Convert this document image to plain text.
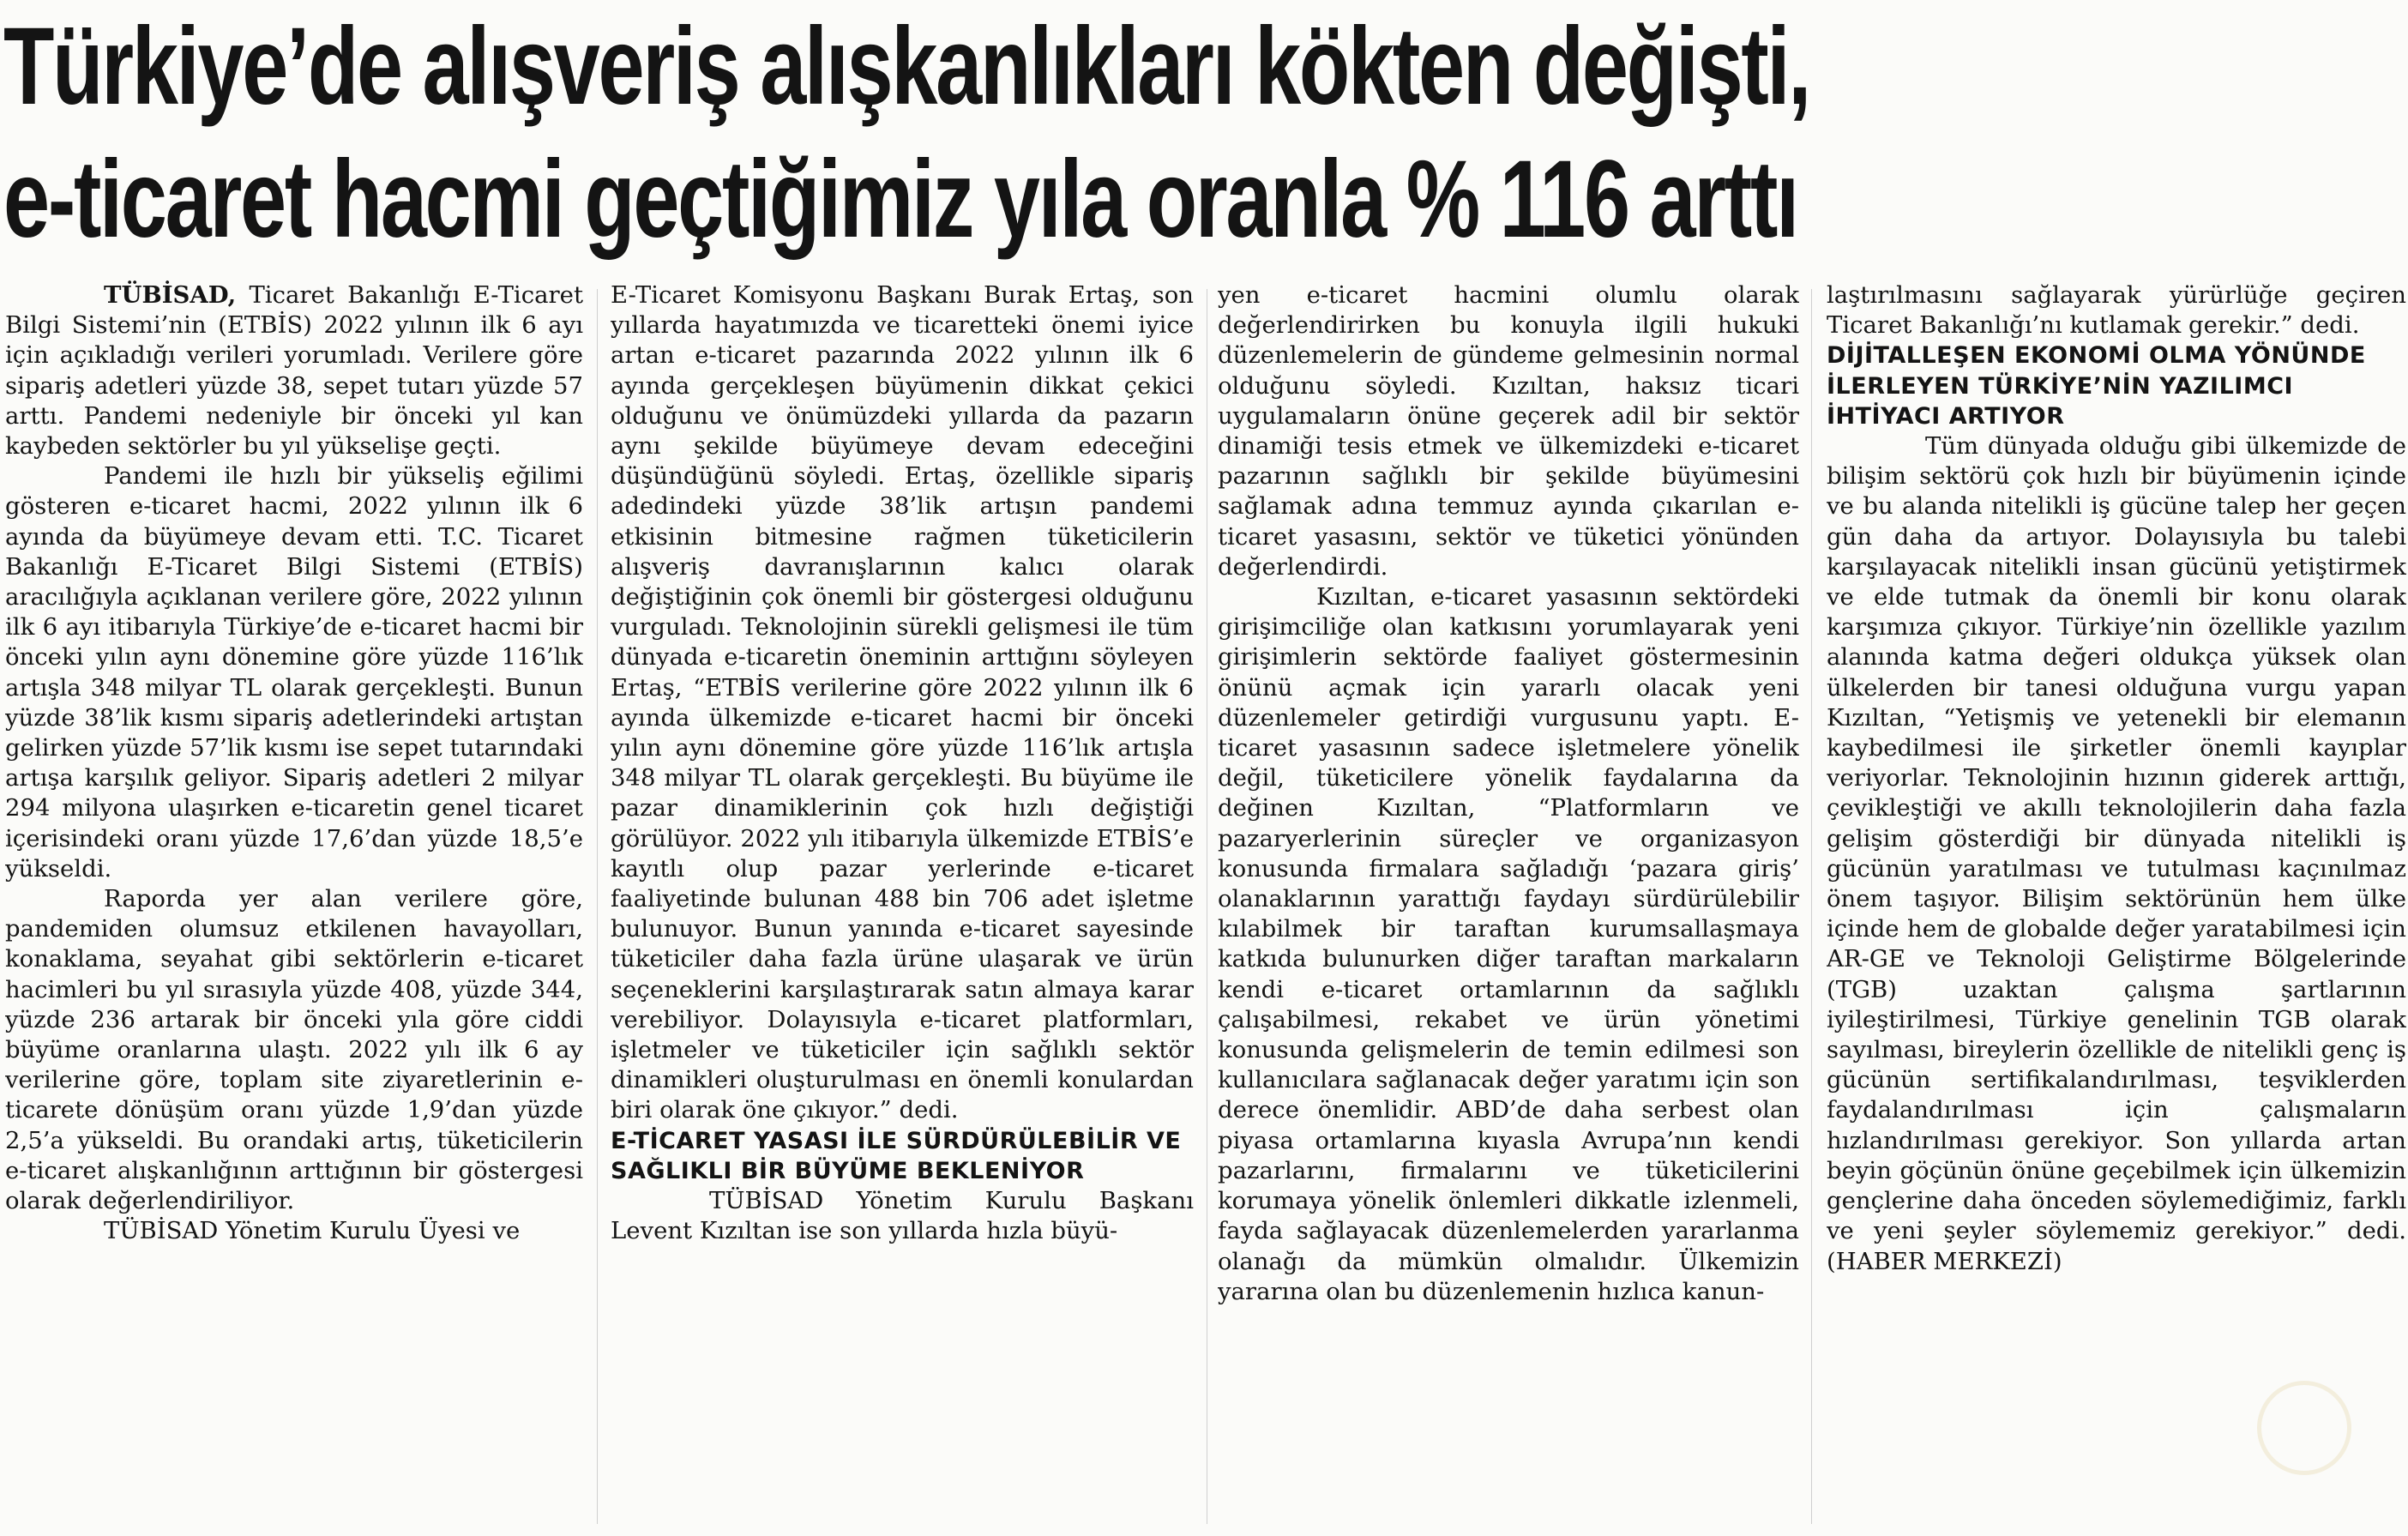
Türkiye’de alışveriş alışkanlıkları kökten değişti,
e-ticaret hacmi geçtiğimiz yıla oranla % 116 arttı

TÜBİSAD, Ticaret Bakanlığı E-Ticaret Bilgi Sistemi’nin (ETBİS) 2022 yılının ilk 6 ayı için açıkladığı verileri yorumladı. Verilere göre sipariş adetleri yüzde 38, sepet tutarı yüzde 57 arttı. Pandemi nedeniyle bir önceki yıl kan kaybeden sektörler bu yıl yükselişe geçti.

Pandemi ile hızlı bir yükseliş eğilimi gösteren e-ticaret hacmi, 2022 yılının ilk 6 ayında da büyümeye devam etti. T.C. Ticaret Bakanlığı E-Ticaret Bilgi Sistemi (ETBİS) aracılığıyla açıklanan verilere göre, 2022 yılının ilk 6 ayı itibarıyla Türkiye’de e-ticaret hacmi bir önceki yılın aynı dönemine göre yüzde 116’lık artışla 348 milyar TL olarak gerçekleşti. Bunun yüzde 38’lik kısmı sipariş adetlerindeki artıştan gelirken yüzde 57’lik kısmı ise sepet tutarındaki artışa karşılık geliyor. Sipariş adetleri 2 milyar 294 milyona ulaşırken e-ticaretin genel ticaret içerisindeki oranı yüzde 17,6’dan yüzde 18,5’e yükseldi.

Raporda yer alan verilere göre, pandemiden olumsuz etkilenen havayolları, konaklama, seyahat gibi sektörlerin e-ticaret hacimleri bu yıl sırasıyla yüzde 408, yüzde 344, yüzde 236 artarak bir önceki yıla göre ciddi büyüme oranlarına ulaştı. 2022 yılı ilk 6 ay verilerine göre, toplam site ziyaretlerinin e-ticarete dönüşüm oranı yüzde 1,9’dan yüzde 2,5’a yükseldi. Bu orandaki artış, tüketicilerin e-ticaret alışkanlığının arttığının bir göstergesi olarak değerlendiriliyor.

TÜBİSAD Yönetim Kurulu Üyesi ve

E-Ticaret Komisyonu Başkanı Burak Ertaş, son yıllarda hayatımızda ve ticaretteki önemi iyice artan e-ticaret pazarında 2022 yılının ilk 6 ayında gerçekleşen büyümenin dikkat çekici olduğunu ve önümüzdeki yıllarda da pazarın aynı şekilde büyümeye devam edeceğini düşündüğünü söyledi. Ertaş, özellikle sipariş adedindeki yüzde 38’lik artışın pandemi etkisinin bitmesine rağmen tüketicilerin alışveriş davranışlarının kalıcı olarak değiştiğinin çok önemli bir göstergesi olduğunu vurguladı. Teknolojinin sürekli gelişmesi ile tüm dünyada e-ticaretin öneminin arttığını söyleyen Ertaş, “ETBİS verilerine göre 2022 yılının ilk 6 ayında ülkemizde e-ticaret hacmi bir önceki yılın aynı dönemine göre yüzde 116’lık artışla 348 milyar TL olarak gerçekleşti. Bu büyüme ile pazar dinamiklerinin çok hızlı değiştiği görülüyor. 2022 yılı itibarıyla ülkemizde ETBİS’e kayıtlı olup pazar yerlerinde e-ticaret faaliyetinde bulunan 488 bin 706 adet işletme bulunuyor. Bunun yanında e-ticaret sayesinde tüketiciler daha fazla ürüne ulaşarak ve ürün seçeneklerini karşılaştırarak satın almaya karar verebiliyor. Dolayısıyla e-ticaret platformları, işletmeler ve tüketiciler için sağlıklı sektör dinamikleri oluşturulması en önemli konulardan biri olarak öne çıkıyor.” dedi.

E-TİCARET YASASI İLE SÜRDÜRÜLEBİLİR VE SAĞLIKLI BİR BÜYÜME BEKLENİYOR

TÜBİSAD Yönetim Kurulu Başkanı Levent Kızıltan ise son yıllarda hızla büyü-

yen e-ticaret hacmini olumlu olarak değerlendirirken bu konuyla ilgili hukuki düzenlemelerin de gündeme gelmesinin normal olduğunu söyledi. Kızıltan, haksız ticari uygulamaların önüne geçerek adil bir sektör dinamiği tesis etmek ve ülkemizdeki e-ticaret pazarının sağlıklı bir şekilde büyümesini sağlamak adına temmuz ayında çıkarılan e-ticaret yasasını, sektör ve tüketici yönünden değerlendirdi.

Kızıltan, e-ticaret yasasının sektördeki girişimciliğe olan katkısını yorumlayarak yeni girişimlerin sektörde faaliyet göstermesinin önünü açmak için yararlı olacak yeni düzenlemeler getirdiği vurgusunu yaptı. E-ticaret yasasının sadece işletmelere yönelik değil, tüketicilere yönelik faydalarına da değinen Kızıltan, “Platformların ve pazaryerlerinin süreçler ve organizasyon konusunda firmalara sağladığı ‘pazara giriş’ olanaklarının yarattığı faydayı sürdürülebilir kılabilmek bir taraftan kurumsallaşmaya katkıda bulunurken diğer taraftan markaların kendi e-ticaret ortamlarının da sağlıklı çalışabilmesi, rekabet ve ürün yönetimi konusunda gelişmelerin de temin edilmesi son kullanıcılara sağlanacak değer yaratımı için son derece önemlidir. ABD’de daha serbest olan piyasa ortamlarına kıyasla Avrupa’nın kendi pazarlarını, firmalarını ve tüketicilerini korumaya yönelik önlemleri dikkatle izlenmeli, fayda sağlayacak düzenlemelerden yararlanma olanağı da mümkün olmalıdır. Ülkemizin yararına olan bu düzenlemenin hızlıca kanun-

laştırılmasını sağlayarak yürürlüğe geçiren Ticaret Bakanlığı’nı kutlamak gerekir.” dedi.

DİJİTALLEŞEN EKONOMİ OLMA YÖNÜNDE İLERLEYEN TÜRKİYE’NİN YAZILIMCI İHTİYACI ARTIYOR

Tüm dünyada olduğu gibi ülkemizde de bilişim sektörü çok hızlı bir büyümenin içinde ve bu alanda nitelikli iş gücüne talep her geçen gün daha da artıyor. Dolayısıyla bu talebi karşılayacak nitelikli insan gücünü yetiştirmek ve elde tutmak da önemli bir konu olarak karşımıza çıkıyor. Türkiye’nin özellikle yazılım alanında katma değeri oldukça yüksek olan ülkelerden bir tanesi olduğuna vurgu yapan Kızıltan, “Yetişmiş ve yetenekli bir elemanın kaybedilmesi ile şirketler önemli kayıplar veriyorlar. Teknolojinin hızının giderek arttığı, çevikleştiği ve akıllı teknolojilerin daha fazla gelişim gösterdiği bir dünyada nitelikli iş gücünün yaratılması ve tutulması kaçınılmaz önem taşıyor. Bilişim sektörünün hem ülke içinde hem de globalde değer yaratabilmesi için AR-GE ve Teknoloji Geliştirme Bölgelerinde (TGB) uzaktan çalışma şartlarının iyileştirilmesi, Türkiye genelinin TGB olarak sayılması, bireylerin özellikle de nitelikli genç iş gücünün sertifikalandırılması, teşviklerden faydalandırılması için çalışmaların hızlandırılması gerekiyor. Son yıllarda artan beyin göçünün önüne geçebilmek için ülkemizin gençlerine daha önceden söylemediğimiz, farklı ve yeni şeyler söylememiz gerekiyor.” dedi. (HABER MERKEZİ)
